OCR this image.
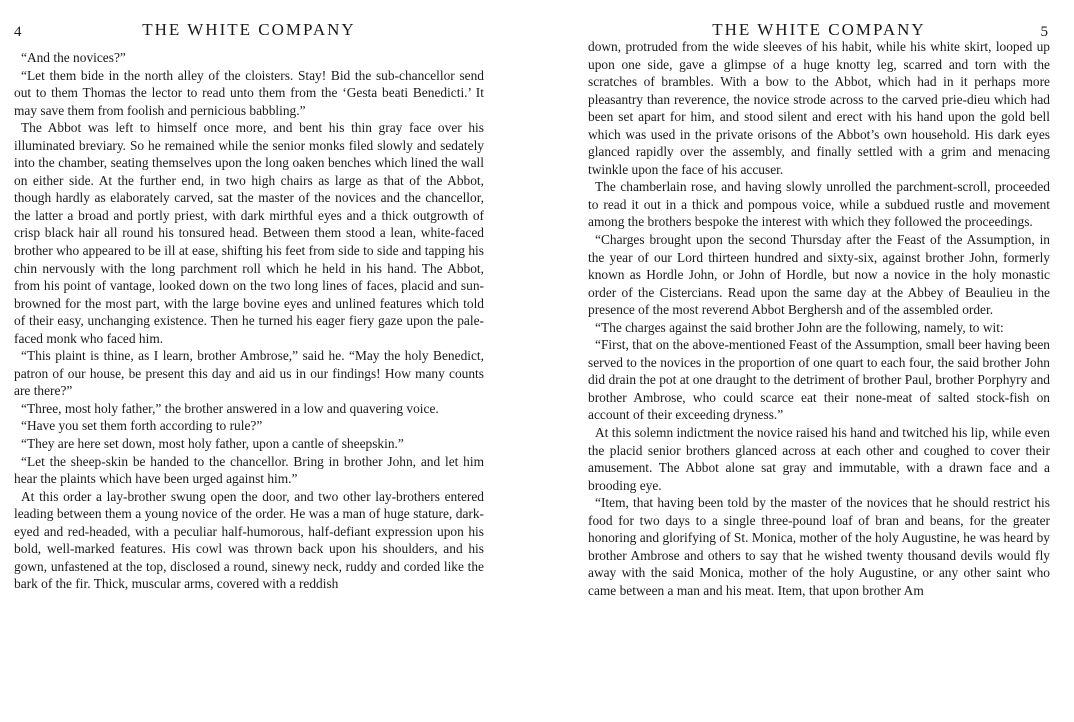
4	THE WHITE COMPANY

“And the novices?”

“Let them bide in the north alley of the cloisters. Stay! Bid the sub-chancellor send out to them Thomas the lector to read unto them from the ‘Gesta beati Benedicti.’ It may save them from foolish and pernicious babbling.”

The Abbot was left to himself once more, and bent his thin gray face over his illuminated breviary. So he remained while the senior monks filed slowly and sedately into the chamber, seating themselves upon the long oaken benches which lined the wall on either side. At the further end, in two high chairs as large as that of the Abbot, though hardly as elaborately carved, sat the master of the novices and the chancellor, the latter a broad and portly priest, with dark mirthful eyes and a thick outgrowth of crisp black hair all round his tonsured head. Between them stood a lean, white-faced brother who appeared to be ill at ease, shifting his feet from side to side and tapping his chin nervously with the long parchment roll which he held in his hand. The Abbot, from his point of vantage, looked down on the two long lines of faces, placid and sun-browned for the most part, with the large bovine eyes and unlined features which told of their easy, unchanging existence. Then he turned his eager fiery gaze upon the pale-faced monk who faced him.

“This plaint is thine, as I learn, brother Ambrose,” said he. “May the holy Benedict, patron of our house, be present this day and aid us in our findings! How many counts are there?”

“Three, most holy father,” the brother answered in a low and quavering voice.

“Have you set them forth according to rule?”

“They are here set down, most holy father, upon a cantle of sheepskin.”

“Let the sheep-skin be handed to the chancellor. Bring in brother John, and let him hear the plaints which have been urged against him.”

At this order a lay-brother swung open the door, and two other lay-brothers entered leading between them a young novice of the order. He was a man of huge stature, dark-eyed and red-headed, with a peculiar half-humorous, half-defiant expression upon his bold, well-marked features. His cowl was thrown back upon his shoulders, and his gown, unfastened at the top, disclosed a round, sinewy neck, ruddy and corded like the bark of the fir. Thick, muscular arms, covered with a reddish

THE WHITE COMPANY	5

down, protruded from the wide sleeves of his habit, while his white skirt, looped up upon one side, gave a glimpse of a huge knotty leg, scarred and torn with the scratches of brambles. With a bow to the Abbot, which had in it perhaps more pleasantry than reverence, the novice strode across to the carved prie-dieu which had been set apart for him, and stood silent and erect with his hand upon the gold bell which was used in the private orisons of the Abbot’s own household. His dark eyes glanced rapidly over the assembly, and finally settled with a grim and menacing twinkle upon the face of his accuser.

The chamberlain rose, and having slowly unrolled the parchment-scroll, proceeded to read it out in a thick and pompous voice, while a subdued rustle and movement among the brothers bespoke the interest with which they followed the proceedings.

“Charges brought upon the second Thursday after the Feast of the Assumption, in the year of our Lord thirteen hundred and sixty-six, against brother John, formerly known as Hordle John, or John of Hordle, but now a novice in the holy monastic order of the Cistercians. Read upon the same day at the Abbey of Beaulieu in the presence of the most reverend Abbot Berghersh and of the assembled order.

“The charges against the said brother John are the following, namely, to wit:

“First, that on the above-mentioned Feast of the Assumption, small beer having been served to the novices in the proportion of one quart to each four, the said brother John did drain the pot at one draught to the detriment of brother Paul, brother Porphyry and brother Ambrose, who could scarce eat their none-meat of salted stock-fish on account of their exceeding dryness.”

At this solemn indictment the novice raised his hand and twitched his lip, while even the placid senior brothers glanced across at each other and coughed to cover their amusement. The Abbot alone sat gray and immutable, with a drawn face and a brooding eye.

“Item, that having been told by the master of the novices that he should restrict his food for two days to a single three-pound loaf of bran and beans, for the greater honoring and glorifying of St. Monica, mother of the holy Augustine, he was heard by brother Ambrose and others to say that he wished twenty thousand devils would fly away with the said Monica, mother of the holy Augustine, or any other saint who came between a man and his meat. Item, that upon brother Am
